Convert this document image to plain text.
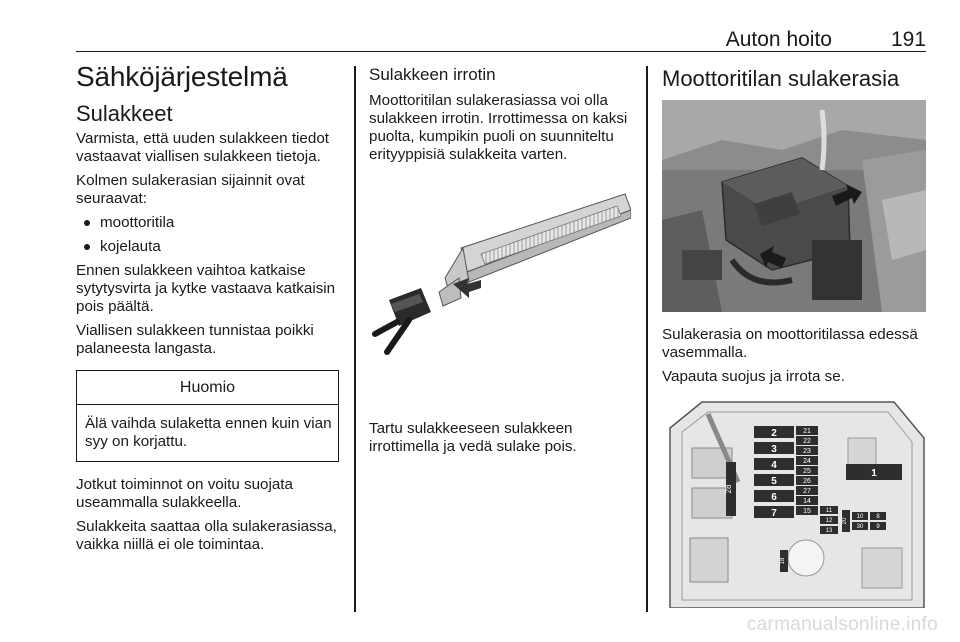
Auton hoito	191
Sähköjärjestelmä
Sulakkeet

Varmista, että uuden sulakkeen tiedot vastaavat viallisen sulakkeen tietoja.

Kolmen sulakerasian sijainnit ovat seuraavat:

moottoritila
kojelauta

Ennen sulakkeen vaihtoa katkaise sytytysvirta ja kytke vastaava katkaisin pois päältä.

Viallisen sulakkeen tunnistaa poikki palaneesta langasta.

Huomio
Älä vaihda sulaketta ennen kuin vian syy on korjattu.

Jotkut toiminnot on voitu suojata useammalla sulakkeella.

Sulakkeita saattaa olla sulakerasiassa, vaikka niillä ei ole toimintaa.

Sulakkeen irrotin

Moottoritilan sulakerasiassa voi olla sulakkeen irrotin. Irrottimessa on kaksi puolta, kumpikin puoli on suunniteltu erityyppisiä sulakkeita varten.

Tartu sulakkeeseen sulakkeen irrottimella ja vedä sulake pois.

Moottoritilan sulakerasia

Sulakerasia on moottoritilassa edessä vasemmalla.

Vapauta suojus ja irrota se.

28
2
3
4
5
6
7
21
22
23
24
25
26
27
14
15
1
11
12
13
20
10 8
30 9
18
carmanualsonline.info
